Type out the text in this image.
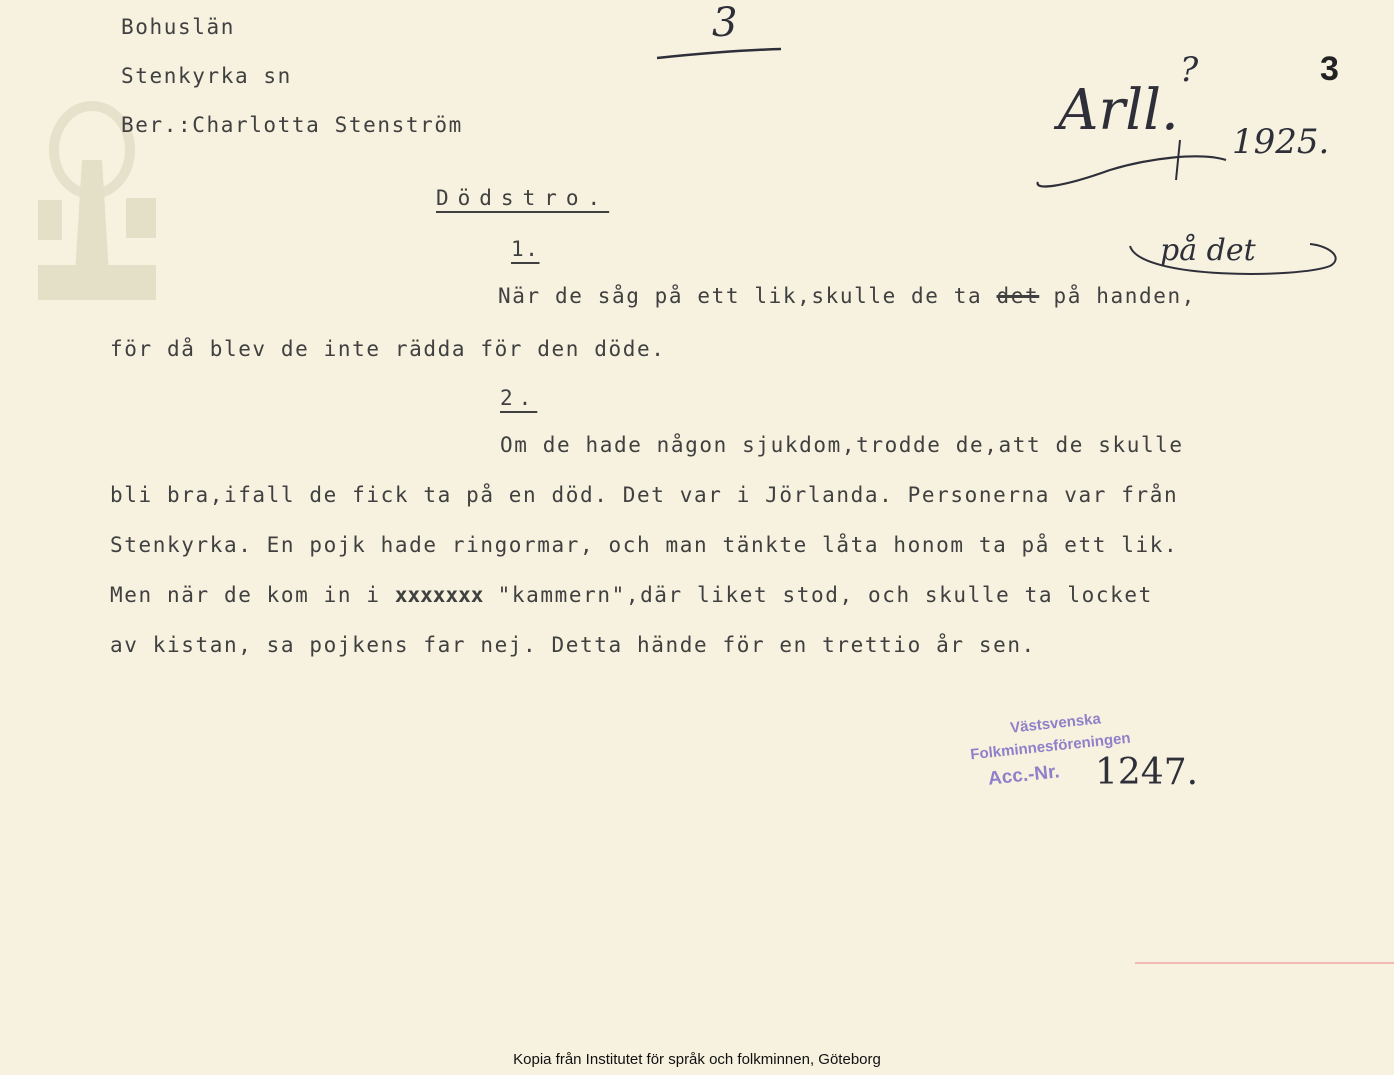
Bohuslän
Stenkyrka sn
Ber.:Charlotta Stenström
3
3
Arll. 1925.
?
Dödstro.
1.	på det
När de såg på ett lik,skulle de ta det på handen,
för då blev de inte rädda för den döde.
2.
Om de hade någon sjukdom,trodde de,att de skulle
bli bra,ifall de fick ta på en död. Det var i Jörlanda. Personerna var från
Stenkyrka. En pojk hade ringormar, och man tänkte låta honom ta på ett lik.
Men när de kom in i xxxxxxx "kammern",där liket stod, och skulle ta locket
av kistan, sa pojkens far nej. Detta hände för en trettio år sen.
Västsvenska
Folkminnesföreningen
Acc.-Nr. 1247.
Kopia från Institutet för språk och folkminnen, Göteborg
